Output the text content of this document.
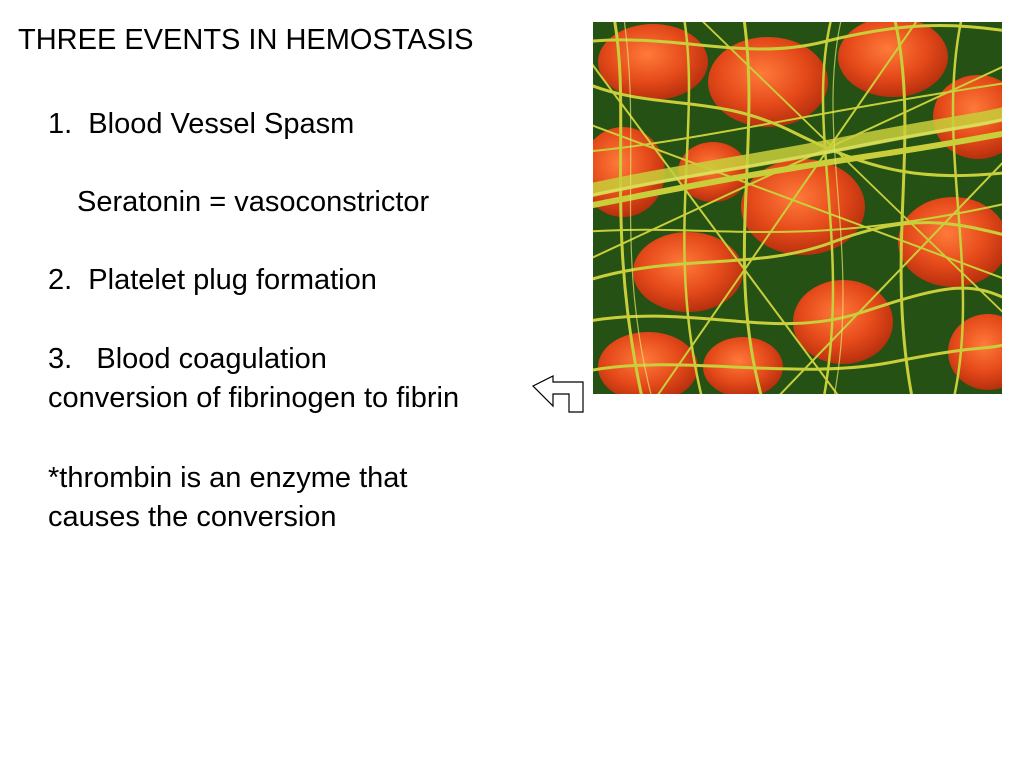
THREE EVENTS IN HEMOSTASIS
1.  Blood Vessel Spasm
Seratonin = vasoconstrictor
2.  Platelet plug formation
3.   Blood coagulation
conversion of fibrinogen to fibrin
*thrombin is an enzyme that
causes the conversion
